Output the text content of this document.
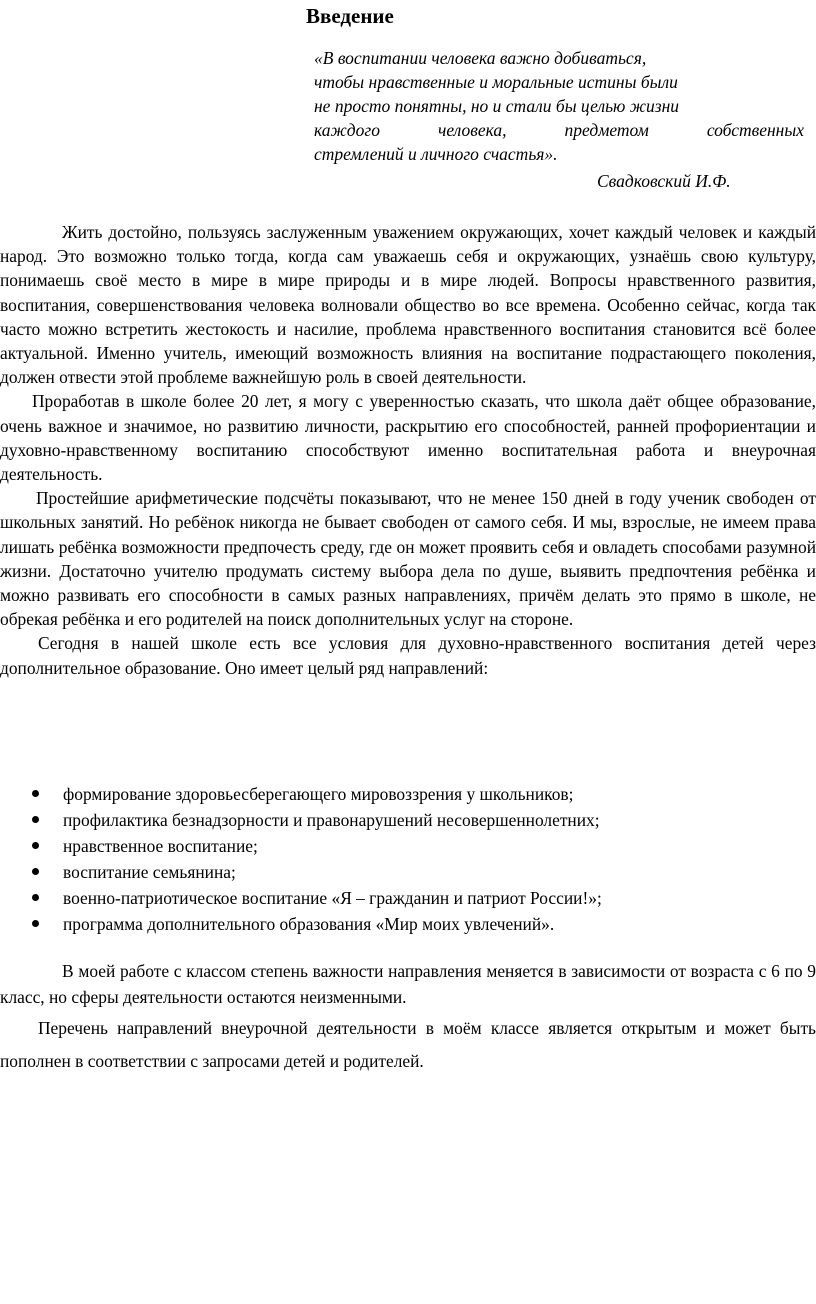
Введение
«В воспитании человека важно добиваться,
чтобы нравственные и моральные истины были
не просто понятны, но и стали бы целью жизни
каждого человека, предметом собственных
стремлений и личного счастья».
Свадковский И.Ф.

Жить достойно, пользуясь заслуженным уважением окружающих, хочет каждый человек и каждый народ. Это возможно только тогда, когда сам уважаешь себя и окружающих, узнаёшь свою культуру, понимаешь своё место в мире в мире природы и в мире людей. Вопросы нравственного развития, воспитания, совершенствования человека волновали общество во все времена. Особенно сейчас, когда так часто можно встретить жестокость и насилие, проблема нравственного воспитания становится всё более актуальной. Именно учитель, имеющий возможность влияния на воспитание подрастающего поколения, должен отвести этой проблеме важнейшую роль в своей деятельности.

Проработав в школе более 20 лет, я могу с уверенностью сказать, что школа даёт общее образование, очень важное и значимое, но развитию личности, раскрытию его способностей, ранней профориентации и духовно-нравственному воспитанию способствуют именно воспитательная работа и внеурочная деятельность.

Простейшие арифметические подсчёты показывают, что не менее 150 дней в году ученик свободен от школьных занятий. Но ребёнок никогда не бывает свободен от самого себя. И мы, взрослые, не имеем права лишать ребёнка возможности предпочесть среду, где он может проявить себя и овладеть способами разумной жизни. Достаточно учителю продумать систему выбора дела по душе, выявить предпочтения ребёнка и можно развивать его способности в самых разных направлениях, причём делать это прямо в школе, не обрекая ребёнка и его родителей на поиск дополнительных услуг на стороне.

Сегодня в нашей школе есть все условия для духовно-нравственного воспитания детей через дополнительное образование. Оно имеет целый ряд направлений:

формирование здоровьесберегающего мировоззрения у школьников;
профилактика безнадзорности и правонарушений несовершеннолетних;
нравственное воспитание;
воспитание семьянина;
военно-патриотическое воспитание «Я – гражданин и патриот России!»;
программа дополнительного образования «Мир моих увлечений».

В моей работе с классом степень важности направления меняется в зависимости от возраста с 6 по 9 класс, но сферы деятельности остаются неизменными.

Перечень направлений внеурочной деятельности в моём классе является открытым и может быть пополнен в соответствии с запросами детей и родителей.
